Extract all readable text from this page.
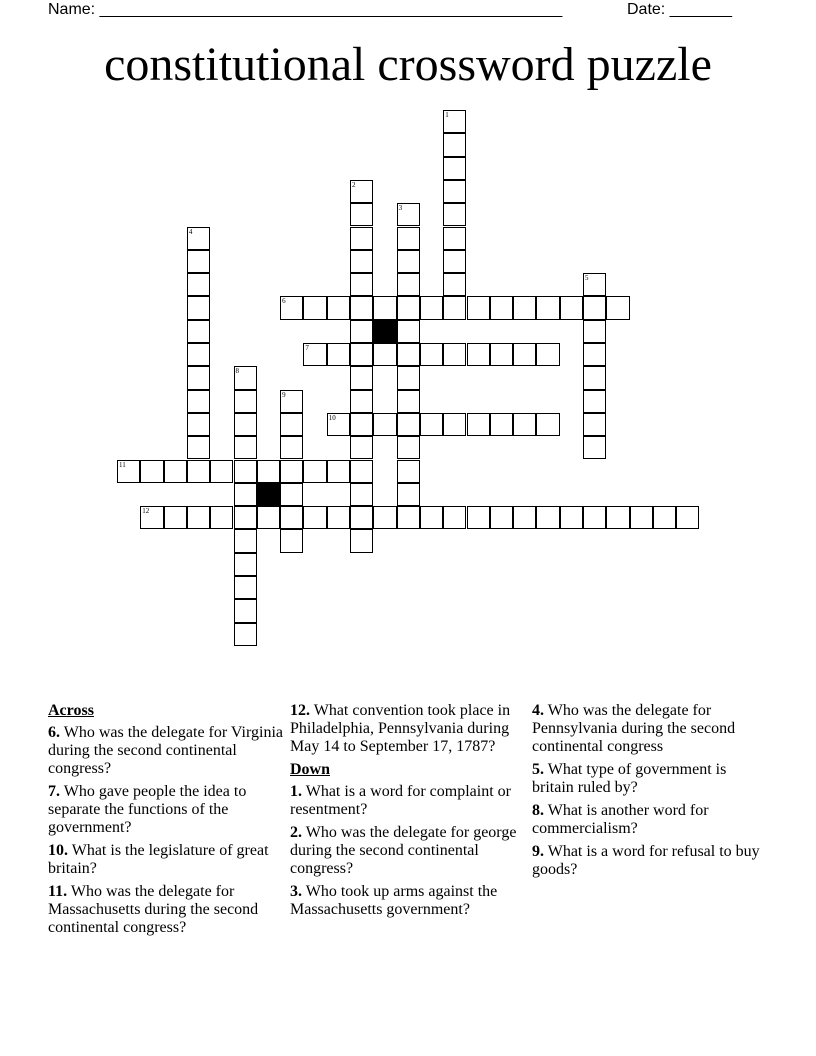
Name: ____________________________________________________	Date: _______
constitutional crossword puzzle
1
2
3
4
5
6
7
8
9
10
11
12
Across
6. Who was the delegate for Virginia during the second continental congress?
7. Who gave people the idea to separate the functions of the government?
10. What is the legislature of great britain?
11. Who was the delegate for Massachusetts during the second continental congress?
12. What convention took place in Philadelphia, Pennsylvania during May 14 to September 17, 1787?
Down
1. What is a word for complaint or resentment?
2. Who was the delegate for george during the second continental congress?
3. Who took up arms against the Massachusetts government?
4. Who was the delegate for Pennsylvania during the second continental congress
5. What type of government is britain ruled by?
8. What is another word for commercialism?
9. What is a word for refusal to buy goods?
